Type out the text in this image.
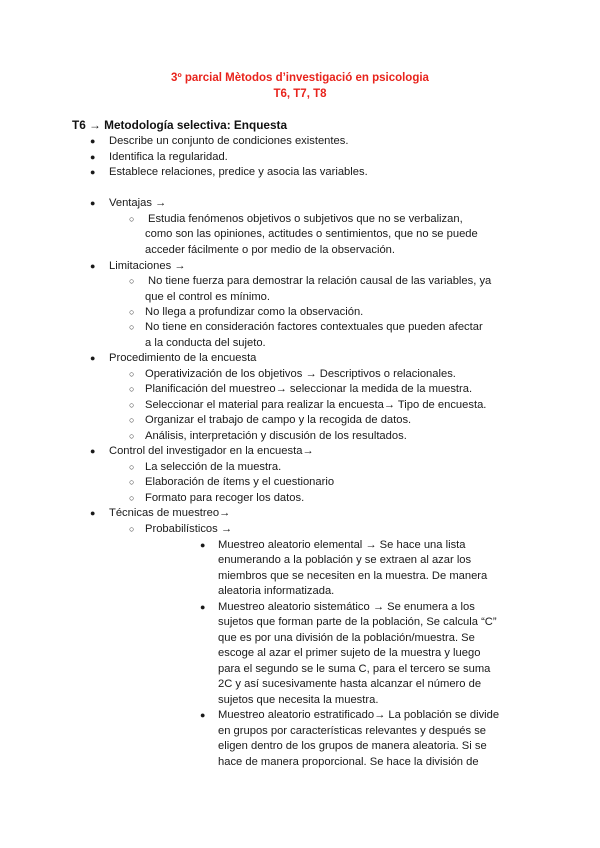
3º parcial Mètodos d’investigació en psicologia
T6, T7, T8
T6 → Metodología selectiva: Enquesta
● Describe un conjunto de condiciones existentes.
● Identifica la regularidad.
● Establece relaciones, predice y asocia las variables.
● Ventajas →
○ Estudia fenómenos objetivos o subjetivos que no se verbalizan,
como son las opiniones, actitudes o sentimientos, que no se puede
acceder fácilmente o por medio de la observación.
● Limitaciones →
○ No tiene fuerza para demostrar la relación causal de las variables, ya
que el control es mínimo.
○ No llega a profundizar como la observación.
○ No tiene en consideración factores contextuales que pueden afectar
a la conducta del sujeto.
● Procedimiento de la encuesta
○ Operativización de los objetivos → Descriptivos o relacionales.
○ Planificación del muestreo→ seleccionar la medida de la muestra.
○ Seleccionar el material para realizar la encuesta→ Tipo de encuesta.
○ Organizar el trabajo de campo y la recogida de datos.
○ Análisis, interpretación y discusión de los resultados.
● Control del investigador en la encuesta→
○ La selección de la muestra.
○ Elaboración de ítems y el cuestionario
○ Formato para recoger los datos.
● Técnicas de muestreo→
○ Probabilísticos →
● Muestreo aleatorio elemental → Se hace una lista
enumerando a la población y se extraen al azar los
miembros que se necesiten en la muestra. De manera
aleatoria informatizada.
● Muestreo aleatorio sistemático → Se enumera a los
sujetos que forman parte de la población, Se calcula “C”
que es por una división de la población/muestra. Se
escoge al azar el primer sujeto de la muestra y luego
para el segundo se le suma C, para el tercero se suma
2C y así sucesivamente hasta alcanzar el número de
sujetos que necesita la muestra.
● Muestreo aleatorio estratificado→ La población se divide
en grupos por características relevantes y después se
eligen dentro de los grupos de manera aleatoria. Si se
hace de manera proporcional. Se hace la división de
